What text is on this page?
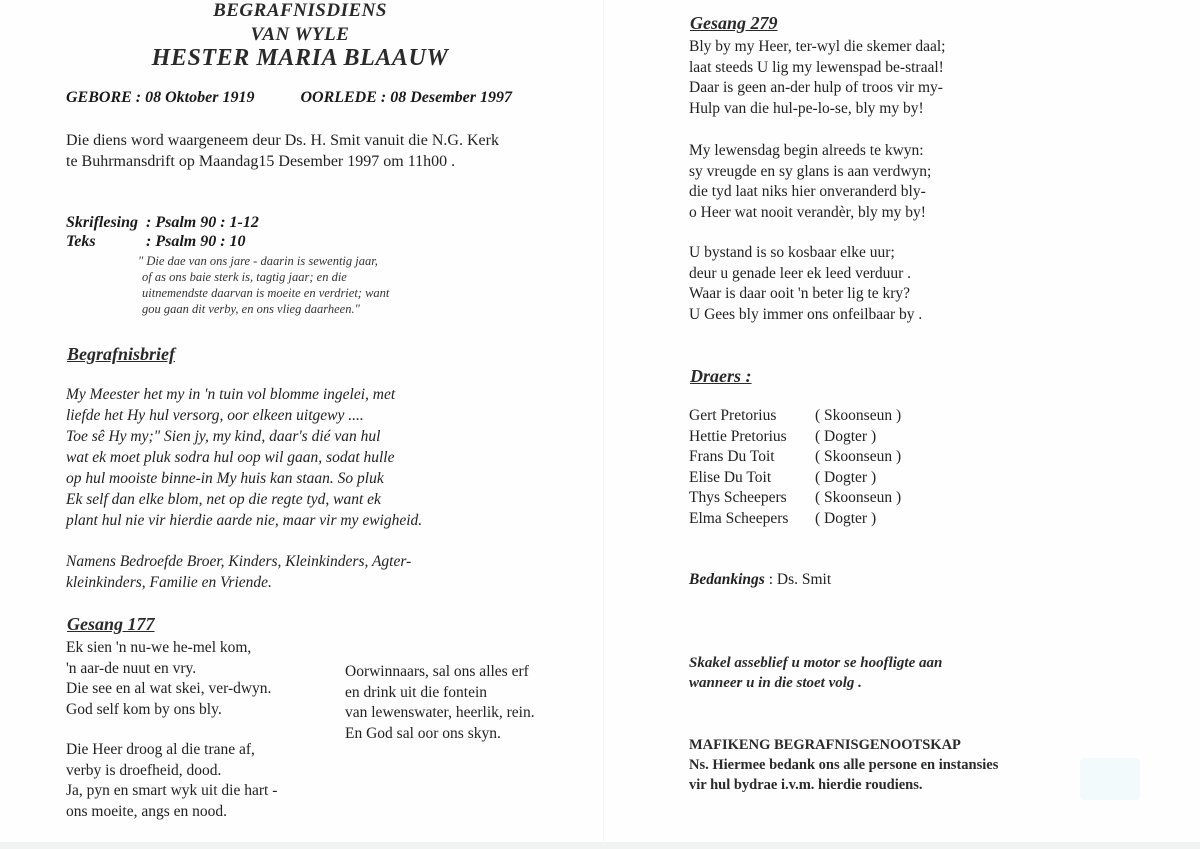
BEGRAFNISDIENS
VAN WYLE
HESTER MARIA BLAAUW
GEBORE : 08 Oktober 1919	OORLEDE : 08 Desember 1997
Die diens word waargeneem deur Ds. H. Smit vanuit die N.G. Kerk
te Buhrmansdrift op Maandag15 Desember 1997 om 11h00 .
Skriflesing : Psalm 90 : 1-12
Teks	: Psalm 90 : 10
" Die dae van ons jare - daarin is sewentig jaar,
of as ons baie sterk is, tagtig jaar; en die
uitnemendste daarvan is moeite en verdriet; want
gou gaan dit verby, en ons vlieg daarheen."
Begrafnisbrief
My Meester het my in 'n tuin vol blomme ingelei, met
liefde het Hy hul versorg, oor elkeen uitgewy ....
Toe sê Hy my;" Sien jy, my kind, daar's dié van hul
wat ek moet pluk sodra hul oop wil gaan, sodat hulle
op hul mooiste binne-in My huis kan staan. So pluk
Ek self dan elke blom, net op die regte tyd, want ek
plant hul nie vir hierdie aarde nie, maar vir my ewigheid.
Namens Bedroefde Broer, Kinders, Kleinkinders, Agter-
kleinkinders, Familie en Vriende.
Gesang 177
Ek sien 'n nu-we he-mel kom,
'n aar-de nuut en vry.
Die see en al wat skei, ver-dwyn.
God self kom by ons bly.
Die Heer droog al die trane af,
verby is droefheid, dood.
Ja, pyn en smart wyk uit die hart -
ons moeite, angs en nood.
Oorwinnaars, sal ons alles erf
en drink uit die fontein
van lewenswater, heerlik, rein.
En God sal oor ons skyn.
Gesang 279
Bly by my Heer, ter-wyl die skemer daal;
laat steeds U lig my lewenspad be-straal!
Daar is geen an-der hulp of troos vir my-
Hulp van die hul-pe-lo-se, bly my by!
My lewensdag begin alreeds te kwyn:
sy vreugde en sy glans is aan verdwyn;
die tyd laat niks hier onveranderd bly-
o Heer wat nooit verandèr, bly my by!
U bystand is so kosbaar elke uur;
deur u genade leer ek leed verduur .
Waar is daar ooit 'n beter lig te kry?
U Gees bly immer ons onfeilbaar by .
Draers :
Gert Pretorius	( Skoonseun )
Hettie Pretorius	( Dogter )
Frans Du Toit	( Skoonseun )
Elise Du Toit	( Dogter )
Thys Scheepers	( Skoonseun )
Elma Scheepers	( Dogter )
Bedankings : Ds. Smit
Skakel asseblief u motor se hoofligte aan
wanneer u in die stoet volg .
MAFIKENG BEGRAFNISGENOOTSKAP
Ns. Hiermee bedank ons alle persone en instansies
vir hul bydrae i.v.m. hierdie roudiens.
